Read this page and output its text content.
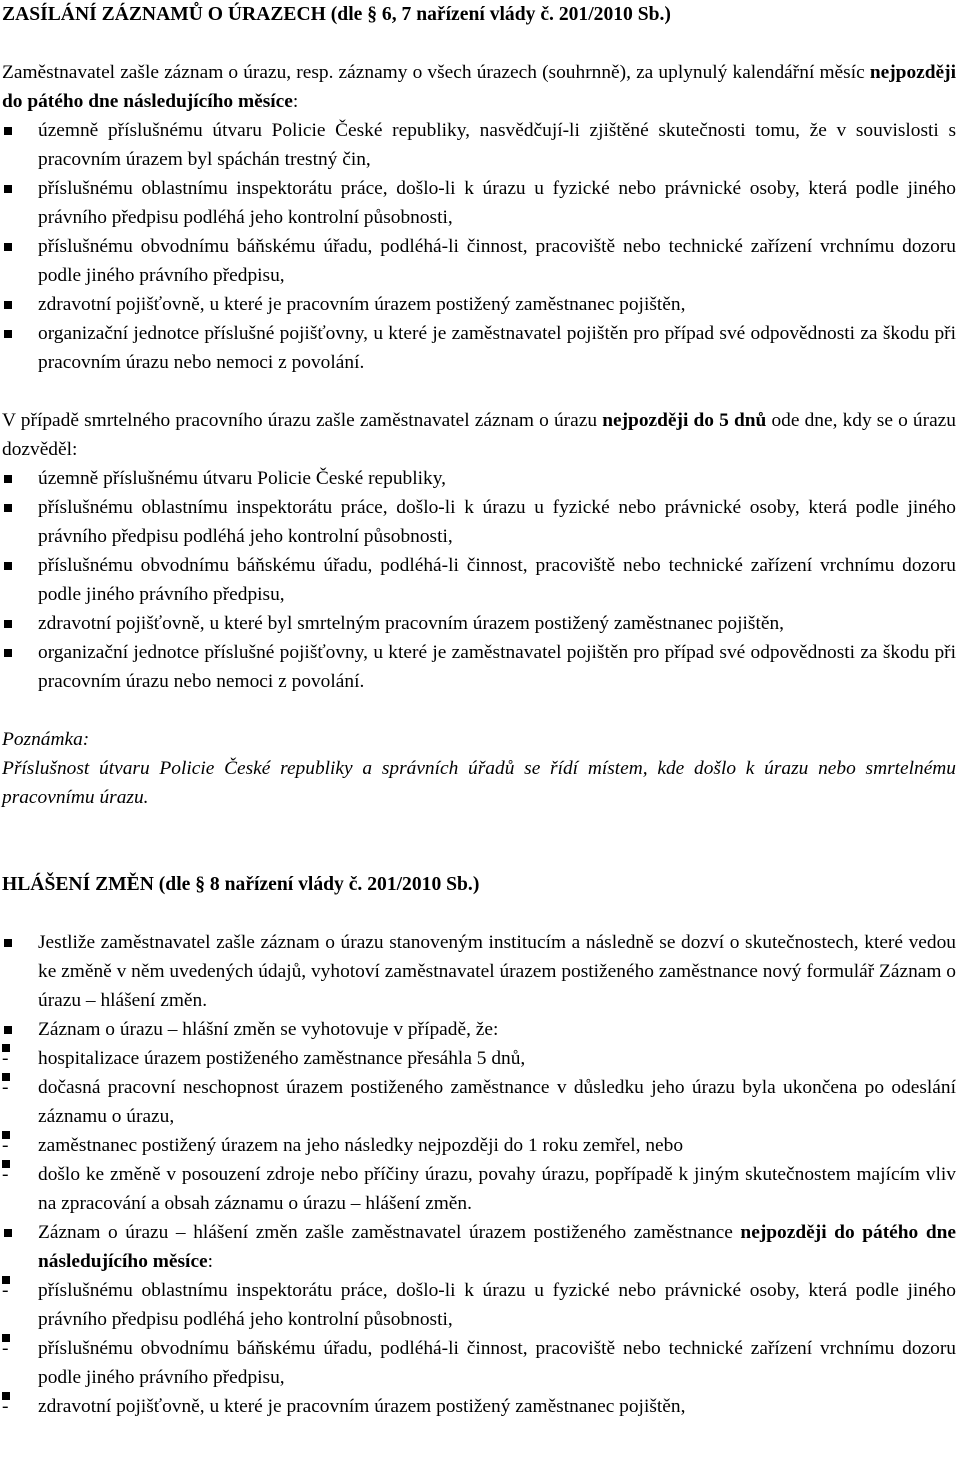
ZASÍLÁNÍ ZÁZNAMŮ O ÚRAZECH (dle § 6, 7 nařízení vlády č. 201/2010 Sb.)

Zaměstnavatel zašle záznam o úrazu, resp. záznamy o všech úrazech (souhrnně), za uplynulý kalendářní měsíc nejpozději do pátého dne následujícího měsíce:

územně příslušnému útvaru Policie České republiky, nasvědčují-li zjištěné skutečnosti tomu, že v souvislosti s pracovním úrazem byl spáchán trestný čin,
příslušnému oblastnímu inspektorátu práce, došlo-li k úrazu u fyzické nebo právnické osoby, která podle jiného právního předpisu podléhá jeho kontrolní působnosti,
příslušnému obvodnímu báňskému úřadu, podléhá-li činnost, pracoviště nebo technické zařízení vrchnímu dozoru podle jiného právního předpisu,
zdravotní pojišťovně, u které je pracovním úrazem postižený zaměstnanec pojištěn,
organizační jednotce příslušné pojišťovny, u které je zaměstnavatel pojištěn pro případ své odpovědnosti za škodu při pracovním úrazu nebo nemoci z povolání.

V případě smrtelného pracovního úrazu zašle zaměstnavatel záznam o úrazu nejpozději do 5 dnů ode dne, kdy se o úrazu dozvěděl:

územně příslušnému útvaru Policie České republiky,
příslušnému oblastnímu inspektorátu práce, došlo-li k úrazu u fyzické nebo právnické osoby, která podle jiného právního předpisu podléhá jeho kontrolní působnosti,
příslušnému obvodnímu báňskému úřadu, podléhá-li činnost, pracoviště nebo technické zařízení vrchnímu dozoru podle jiného právního předpisu,
zdravotní pojišťovně, u které byl smrtelným pracovním úrazem postižený zaměstnanec pojištěn,
organizační jednotce příslušné pojišťovny, u které je zaměstnavatel pojištěn pro případ své odpovědnosti za škodu při pracovním úrazu nebo nemoci z povolání.

Poznámka:

Příslušnost útvaru Policie České republiky a správních úřadů se řídí místem, kde došlo k úrazu nebo smrtelnému pracovnímu úrazu.

HLÁŠENÍ ZMĚN (dle § 8 nařízení vlády č. 201/2010 Sb.)
Jestliže zaměstnavatel zašle záznam o úrazu stanoveným institucím a následně se dozví o skutečnostech, které vedou ke změně v něm uvedených údajů, vyhotoví zaměstnavatel úrazem postiženého zaměstnance nový formulář Záznam o úrazu – hlášení změn.
Záznam o úrazu – hlášní změn se vyhotovuje v případě, že:
- hospitalizace úrazem postiženého zaměstnance přesáhla 5 dnů,
- dočasná pracovní neschopnost úrazem postiženého zaměstnance v důsledku jeho úrazu byla ukončena po odeslání záznamu o úrazu,
- zaměstnanec postižený úrazem na jeho následky nejpozději do 1 roku zemřel, nebo
- došlo ke změně v posouzení zdroje nebo příčiny úrazu, povahy úrazu, popřípadě k jiným skutečnostem majícím vliv na zpracování a obsah záznamu o úrazu – hlášení změn.
Záznam o úrazu – hlášení změn zašle zaměstnavatel úrazem postiženého zaměstnance nejpozději do pátého dne následujícího měsíce:
- příslušnému oblastnímu inspektorátu práce, došlo-li k úrazu u fyzické nebo právnické osoby, která podle jiného právního předpisu podléhá jeho kontrolní působnosti,
- příslušnému obvodnímu báňskému úřadu, podléhá-li činnost, pracoviště nebo technické zařízení vrchnímu dozoru podle jiného právního předpisu,
- zdravotní pojišťovně, u které je pracovním úrazem postižený zaměstnanec pojištěn,
